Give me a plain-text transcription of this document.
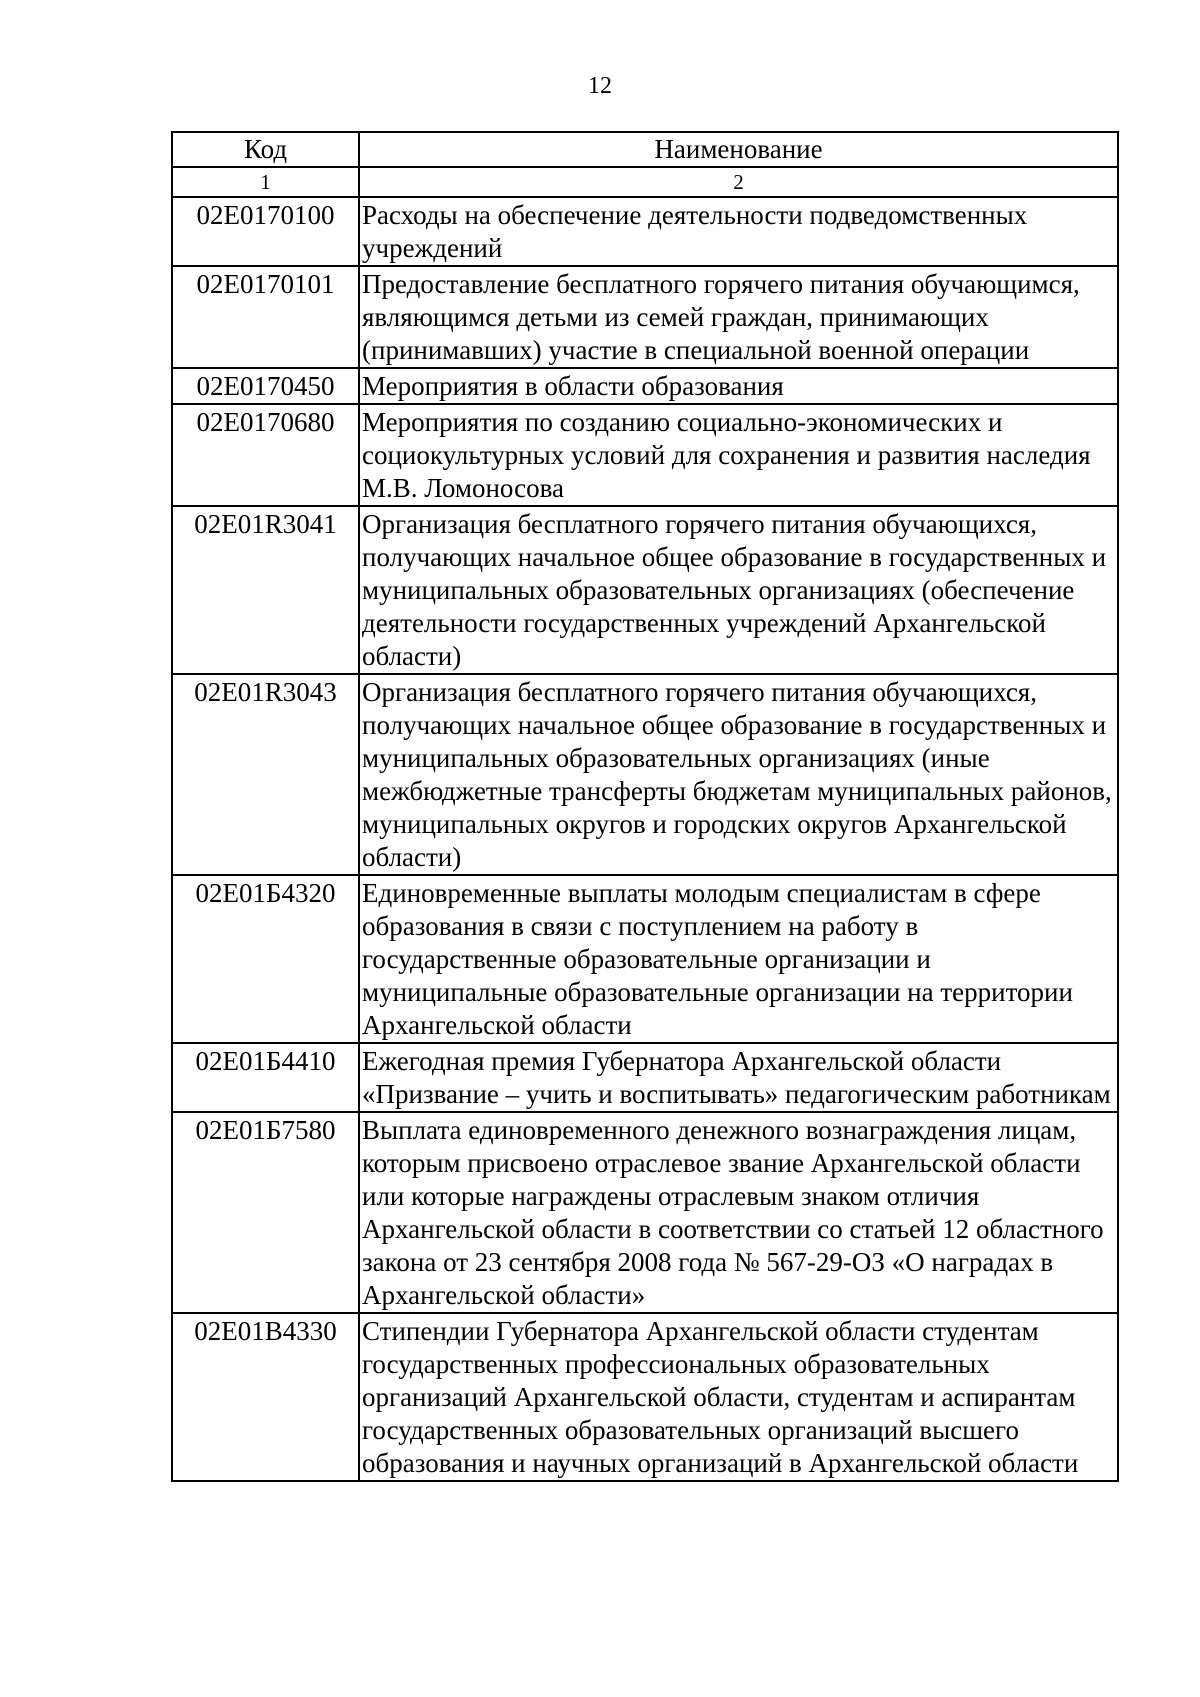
12
Код	Наименование
1	2
02Е0170100	Расходы на обеспечение деятельности подведомственных учреждений
02Е0170101	Предоставление бесплатного горячего питания обучающимся, являющимся детьми из семей граждан, принимающих (принимавших) участие в специальной военной операции
02Е0170450	Мероприятия в области образования
02Е0170680	Мероприятия по созданию социально-экономических и социокультурных условий для сохранения и развития наследия М.В. Ломоносова
02Е01R3041	Организация бесплатного горячего питания обучающихся, получающих начальное общее образование в государственных и муниципальных образовательных организациях (обеспечение деятельности государственных учреждений Архангельской области)
02Е01R3043	Организация бесплатного горячего питания обучающихся, получающих начальное общее образование в государственных и муниципальных образовательных организациях (иные межбюджетные трансферты бюджетам муниципальных районов, муниципальных округов и городских округов Архангельской области)
02Е01Б4320	Единовременные выплаты молодым специалистам в сфере образования в связи с поступлением на работу в государственные образовательные организации и муниципальные образовательные организации на территории Архангельской области
02Е01Б4410	Ежегодная премия Губернатора Архангельской области «Призвание – учить и воспитывать» педагогическим работникам
02Е01Б7580	Выплата единовременного денежного вознаграждения лицам, которым присвоено отраслевое звание Архангельской области или которые награждены отраслевым знаком отличия Архангельской области в соответствии со статьей 12 областного закона от 23 сентября 2008 года № 567-29-ОЗ «О наградах в Архангельской области»
02Е01В4330	Стипендии Губернатора Архангельской области студентам государственных профессиональных образовательных организаций Архангельской области, студентам и аспирантам государственных образовательных организаций высшего образования и научных организаций в Архангельской области
